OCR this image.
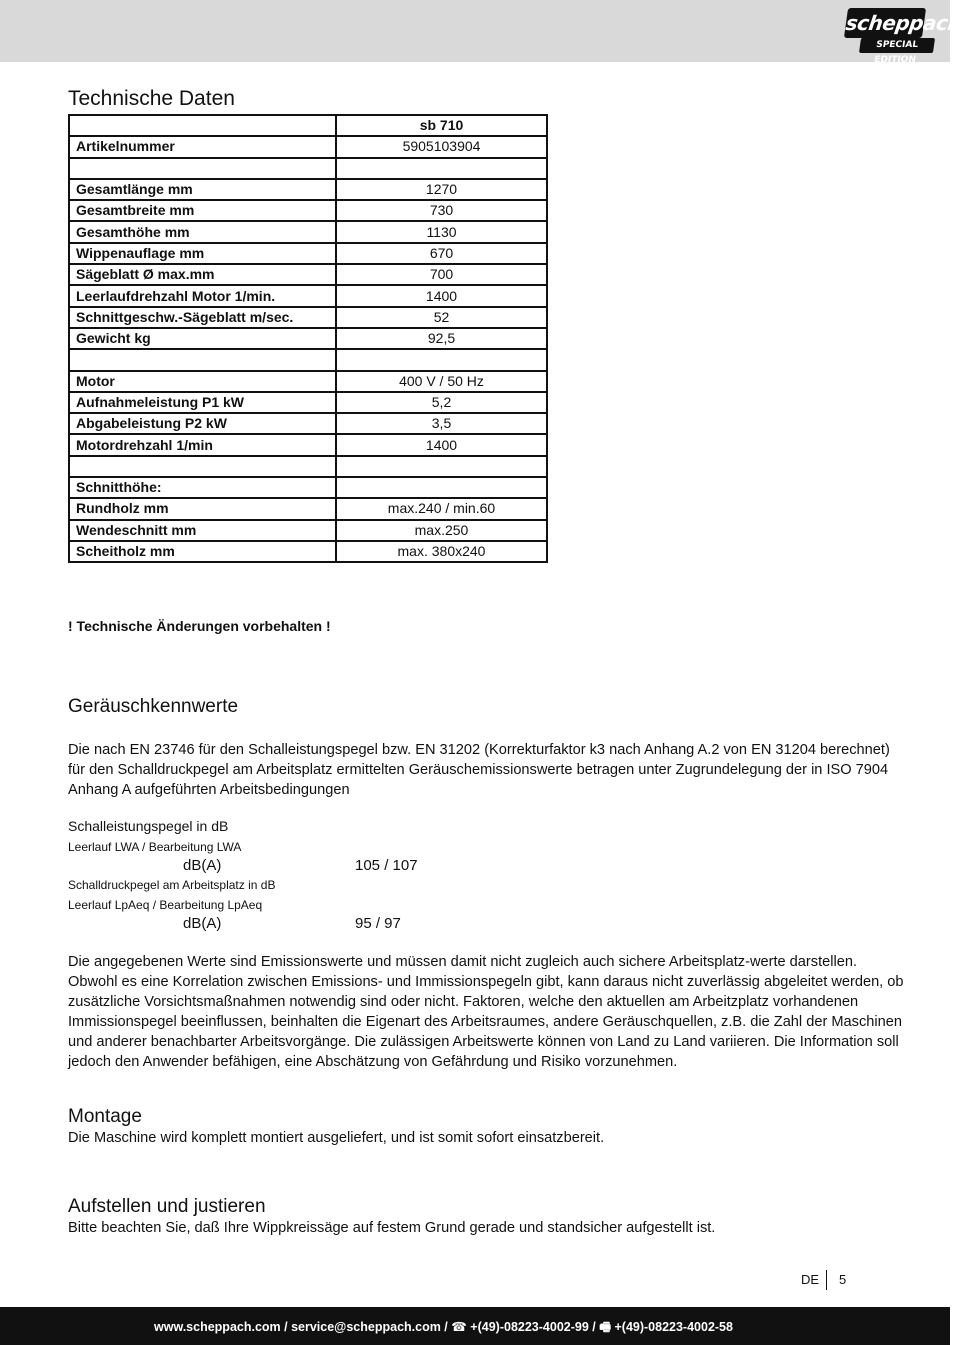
scheppach
SPECIAL EDITION
Technische Daten
	sb 710
Artikelnummer	5905103904

Gesamtlänge mm	1270
Gesamtbreite mm	730
Gesamthöhe mm	1130
Wippenauflage mm	670
Sägeblatt Ø max.mm	700
Leerlaufdrehzahl Motor 1/min.	1400
Schnittgeschw.-Sägeblatt m/sec.	52
Gewicht kg	92,5

Motor	400 V / 50 Hz
Aufnahmeleistung P1 kW	5,2
Abgabeleistung P2 kW	3,5
Motordrehzahl 1/min	1400

Schnitthöhe:	
Rundholz mm	max.240 / min.60
Wendeschnitt mm	max.250
Scheitholz mm	max. 380x240
! Technische Änderungen vorbehalten !
Geräuschkennwerte

Die nach EN 23746 für den Schalleistungspegel bzw. EN 31202 (Korrekturfaktor k3 nach Anhang A.2 von EN 31204 berechnet) für den Schalldruckpegel am Arbeitsplatz ermittelten Geräuschemissionswerte betragen unter Zugrundelegung der in ISO 7904 Anhang A aufgeführten Arbeitsbedingungen

Schalleistungspegel in dB
Leerlauf LWA / Bearbeitung LWA
dB(A)	105 / 107
Schalldruckpegel am Arbeitsplatz in dB
Leerlauf LpAeq / Bearbeitung LpAeq
dB(A)	95 / 97

Die angegebenen Werte sind Emissionswerte und müssen damit nicht zugleich auch sichere Arbeitsplatz-werte darstellen. Obwohl es eine Korrelation zwischen Emissions- und Immissionspegeln gibt, kann daraus nicht zuverlässig abgeleitet werden, ob zusätzliche Vorsichtsmaßnahmen notwendig sind oder nicht. Faktoren, welche den aktuellen am Arbeitzplatz vorhandenen Immissionspegel beeinflussen, beinhalten die Eigenart des Arbeitsraumes, andere Geräuschquellen, z.B. die Zahl der Maschinen und anderer benachbarter Arbeitsvorgänge. Die zulässigen Arbeitswerte können von Land zu Land variieren. Die Information soll jedoch den Anwender befähigen, eine Abschätzung von Gefährdung und Risiko vorzunehmen.

Montage

Die Maschine wird komplett montiert ausgeliefert, und ist somit sofort einsatzbereit.

Aufstellen und justieren

Bitte beachten Sie, daß Ihre Wippkreissäge auf festem Grund gerade und standsicher aufgestellt ist.

DE 5
www.scheppach.com / service@scheppach.com / ☎ +(49)-08223-4002-99 / 🖷 +(49)-08223-4002-58
